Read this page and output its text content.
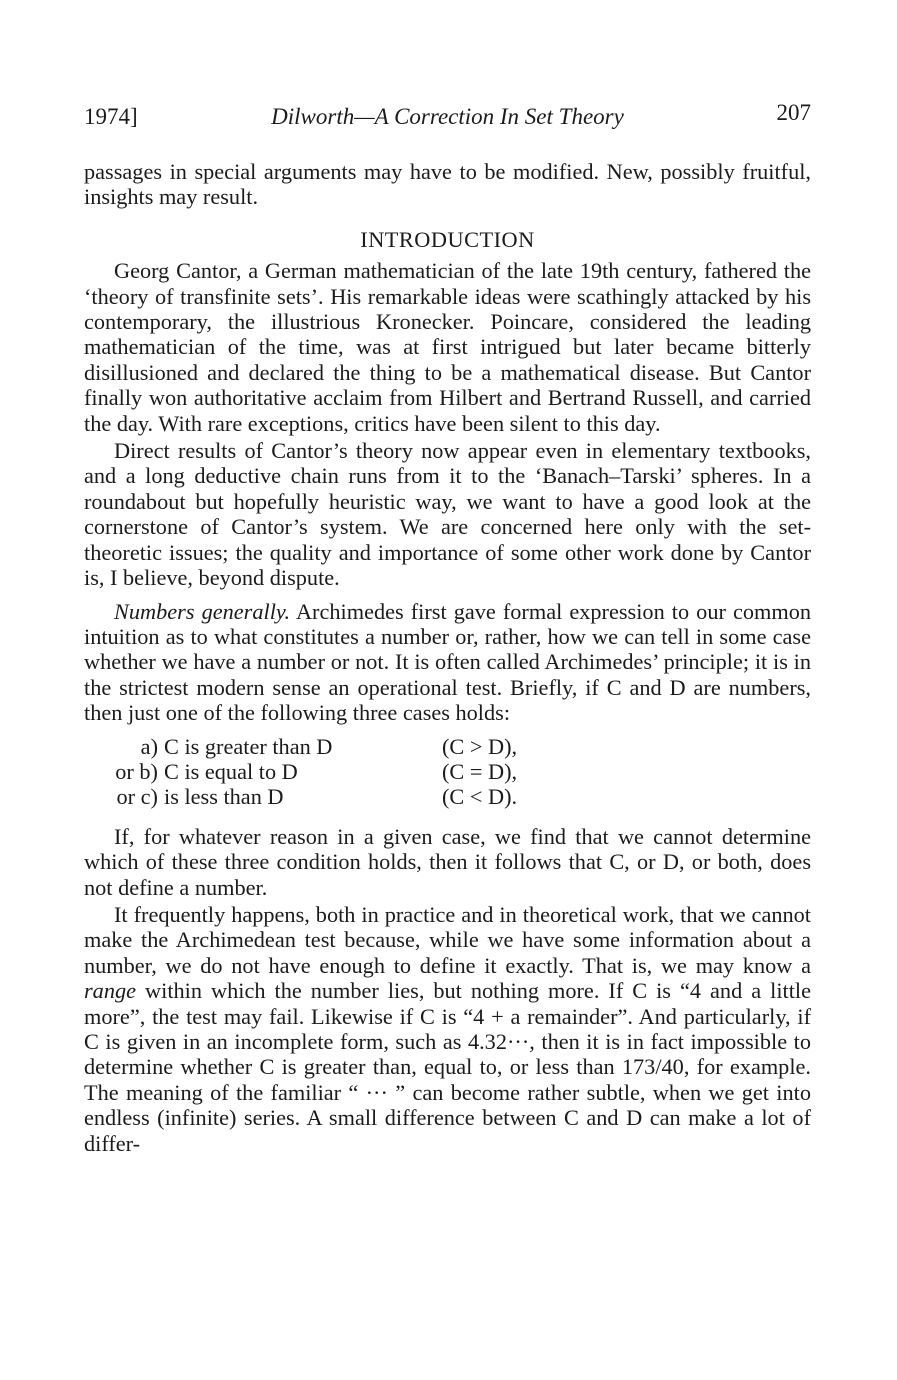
1974]	Dilworth—A Correction In Set Theory	207

passages in special arguments may have to be modified. New, possibly fruitful, insights may result.

INTRODUCTION

Georg Cantor, a German mathematician of the late 19th century, fathered the ‘theory of transfinite sets’. His remarkable ideas were scathingly attacked by his contemporary, the illustrious Kronecker. Poincare, considered the leading mathematician of the time, was at first intrigued but later became bitterly disillusioned and declared the thing to be a mathematical disease. But Cantor finally won authoritative acclaim from Hilbert and Bertrand Russell, and carried the day. With rare exceptions, critics have been silent to this day.

Direct results of Cantor’s theory now appear even in elementary textbooks, and a long deductive chain runs from it to the ‘Banach–Tarski’ spheres. In a roundabout but hopefully heuristic way, we want to have a good look at the cornerstone of Cantor’s system. We are concerned here only with the set-theoretic issues; the quality and importance of some other work done by Cantor is, I believe, beyond dispute.

Numbers generally. Archimedes first gave formal expression to our common intuition as to what constitutes a number or, rather, how we can tell in some case whether we have a number or not. It is often called Archimedes’ principle; it is in the strictest modern sense an operational test. Briefly, if C and D are numbers, then just one of the following three cases holds:

a) C is greater than D	(C > D),
or b) C is equal to D	(C = D),
or c) is less than D	(C < D).

If, for whatever reason in a given case, we find that we cannot determine which of these three condition holds, then it follows that C, or D, or both, does not define a number.

It frequently happens, both in practice and in theoretical work, that we cannot make the Archimedean test because, while we have some information about a number, we do not have enough to define it exactly. That is, we may know a range within which the number lies, but nothing more. If C is “4 and a little more”, the test may fail. Likewise if C is “4 + a remainder”. And particularly, if C is given in an incomplete form, such as 4.32···, then it is in fact impossible to determine whether C is greater than, equal to, or less than 173/40, for example. The meaning of the familiar “ ··· ” can become rather subtle, when we get into endless (infinite) series. A small difference between C and D can make a lot of differ-
